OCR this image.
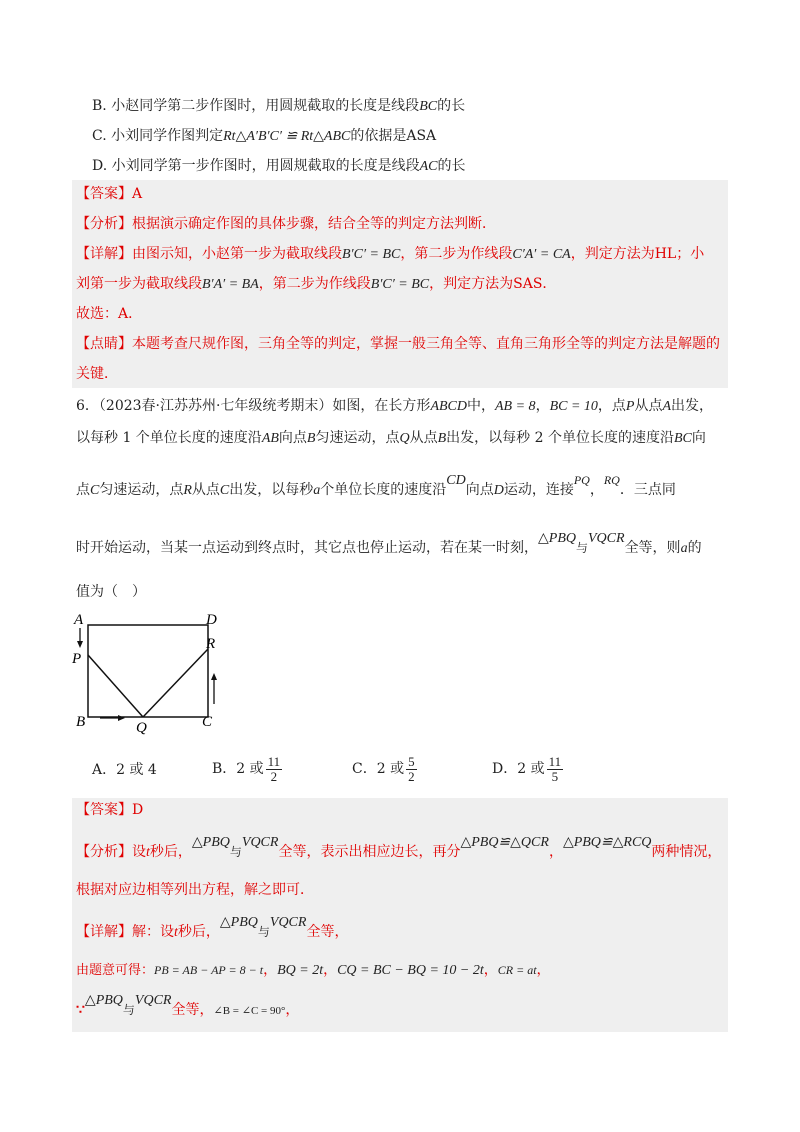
B. 小赵同学第二步作图时，用圆规截取的长度是线段BC的长
C. 小刘同学作图判定Rt△A′B′C′ ≌ Rt△ABC的依据是ASA
D. 小刘同学第一步作图时，用圆规截取的长度是线段AC的长
【答案】A
【分析】根据演示确定作图的具体步骤，结合全等的判定方法判断．
【详解】由图示知，小赵第一步为截取线段B′C′ = BC，第二步为作线段C′A′ = CA，判定方法为HL；小
刘第一步为截取线段B′A′ = BA，第二步为作线段B′C′ = BC，判定方法为SAS．
故选：A．
【点睛】本题考查尺规作图，三角全等的判定，掌握一般三角全等、直角三角形全等的判定方法是解题的
关键．
6．（2023春·江苏苏州·七年级统考期末）如图，在长方形ABCD中，AB = 8，BC = 10，点P从点A出发，
以每秒 1 个单位长度的速度沿AB向点B匀速运动，点Q从点B出发，以每秒 2 个单位长度的速度沿BC向
点C匀速运动，点R从点C出发，以每秒a个单位长度的速度沿CD向点D运动，连接PQ，RQ．三点同
时开始运动，当某一点运动到终点时，其它点也停止运动，若在某一时刻，△PBQ与VQCR全等，则a的
值为（　）
A
P
B	Q	C
D
R
A．2 或 4	B．2 或 $\frac{11}{2}$	C．2 或 $\frac{5}{2}$	D．2 或 $\frac{11}{5}$
【答案】D
【分析】设t秒后，△PBQ与VQCR全等，表示出相应边长，再分△PBQ≌△QCR，△PBQ≌△RCQ两种情况，
根据对应边相等列出方程，解之即可．
【详解】解：设t秒后，△PBQ与VQCR全等，
由题意可得：PB = AB − AP = 8 − t，BQ = 2t，CQ = BC − BQ = 10 − 2t，CR = at，
∵△PBQ与VQCR全等，∠B = ∠C = 90°，
